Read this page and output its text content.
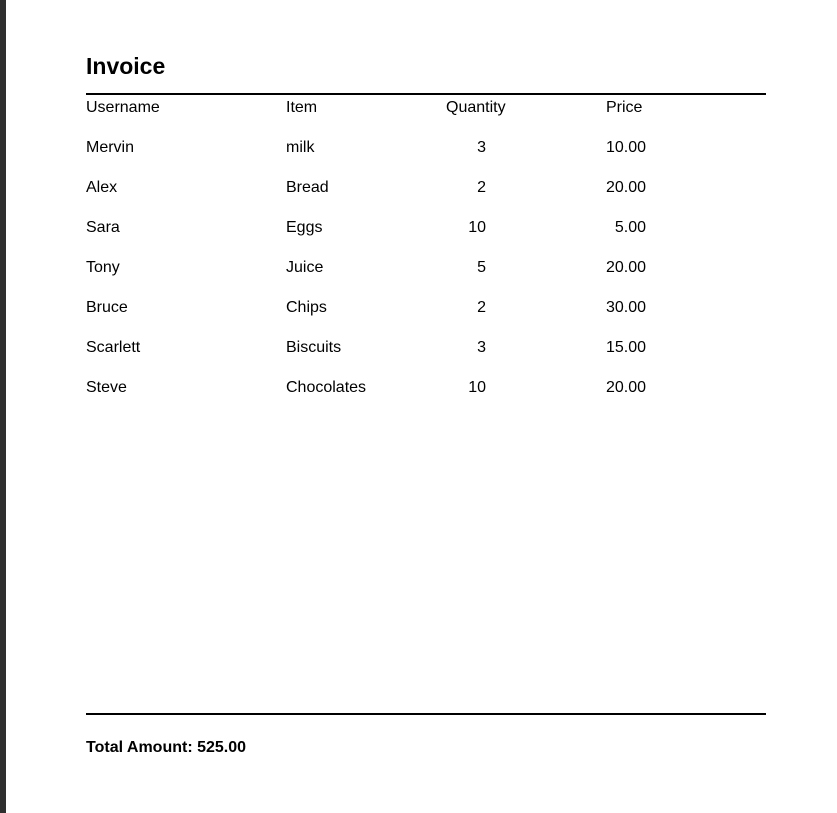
Invoice
Username	Item	Quantity	Price
Mervin	milk	3	10.00
Alex	Bread	2	20.00
Sara	Eggs	10	5.00
Tony	Juice	5	20.00
Bruce	Chips	2	30.00
Scarlett	Biscuits	3	15.00
Steve	Chocolates	10	20.00
Total Amount: 525.00
